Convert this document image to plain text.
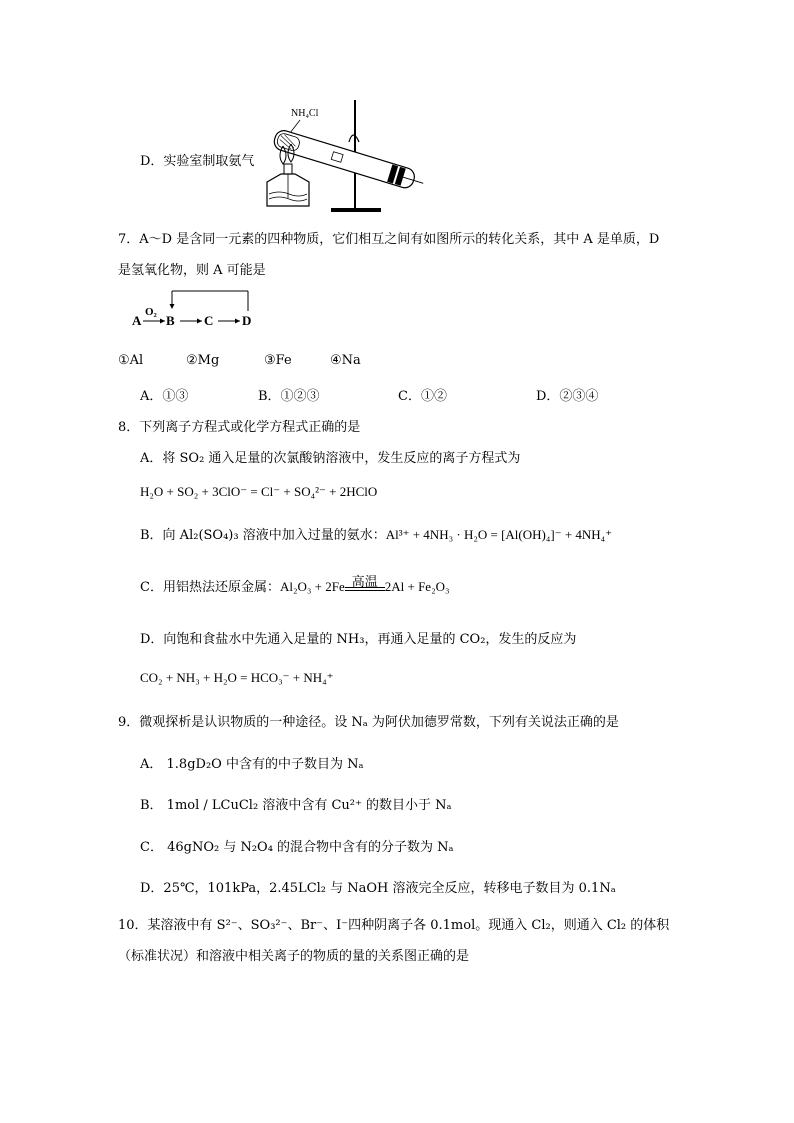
D．实验室制取氨气
NH₄Cl
7．A～D 是含同一元素的四种物质，它们相互之间有如图所示的转化关系，其中 A 是单质，D
是氢氧化物，则 A 可能是
A
O₂
B C D
①Al	②Mg	③Fe	④Na
A．①③	B．①②③	C．①②	D．②③④
8．下列离子方程式或化学方程式正确的是
A．将 SO₂ 通入足量的次氯酸钠溶液中，发生反应的离子方程式为
H₂O + SO₂ + 3ClO⁻ = Cl⁻ + SO₄²⁻ + 2HClO
B．向 Al₂(SO₄)₃ 溶液中加入过量的氨水：Al³⁺ + 4NH₃ · H₂O = [Al(OH)₄]⁻ + 4NH₄⁺
C．用铝热法还原金属：Al₂O₃ + 2Fe 高温 2Al + Fe₂O₃
D．向饱和食盐水中先通入足量的 NH₃，再通入足量的 CO₂，发生的反应为
CO₂ + NH₃ + H₂O = HCO₃⁻ + NH₄⁺
9．微观探析是认识物质的一种途径。设 Nₐ 为阿伏加德罗常数，下列有关说法正确的是
A． 1.8gD₂O 中含有的中子数目为 Nₐ
B． 1mol / LCuCl₂ 溶液中含有 Cu²⁺ 的数目小于 Nₐ
C． 46gNO₂ 与 N₂O₄ 的混合物中含有的分子数为 Nₐ
D．25℃，101kPa，2.45LCl₂ 与 NaOH 溶液完全反应，转移电子数目为 0.1Nₐ
10．某溶液中有 S²⁻、SO₃²⁻、Br⁻、I⁻四种阴离子各 0.1mol。现通入 Cl₂，则通入 Cl₂ 的体积
（标准状况）和溶液中相关离子的物质的量的关系图正确的是
